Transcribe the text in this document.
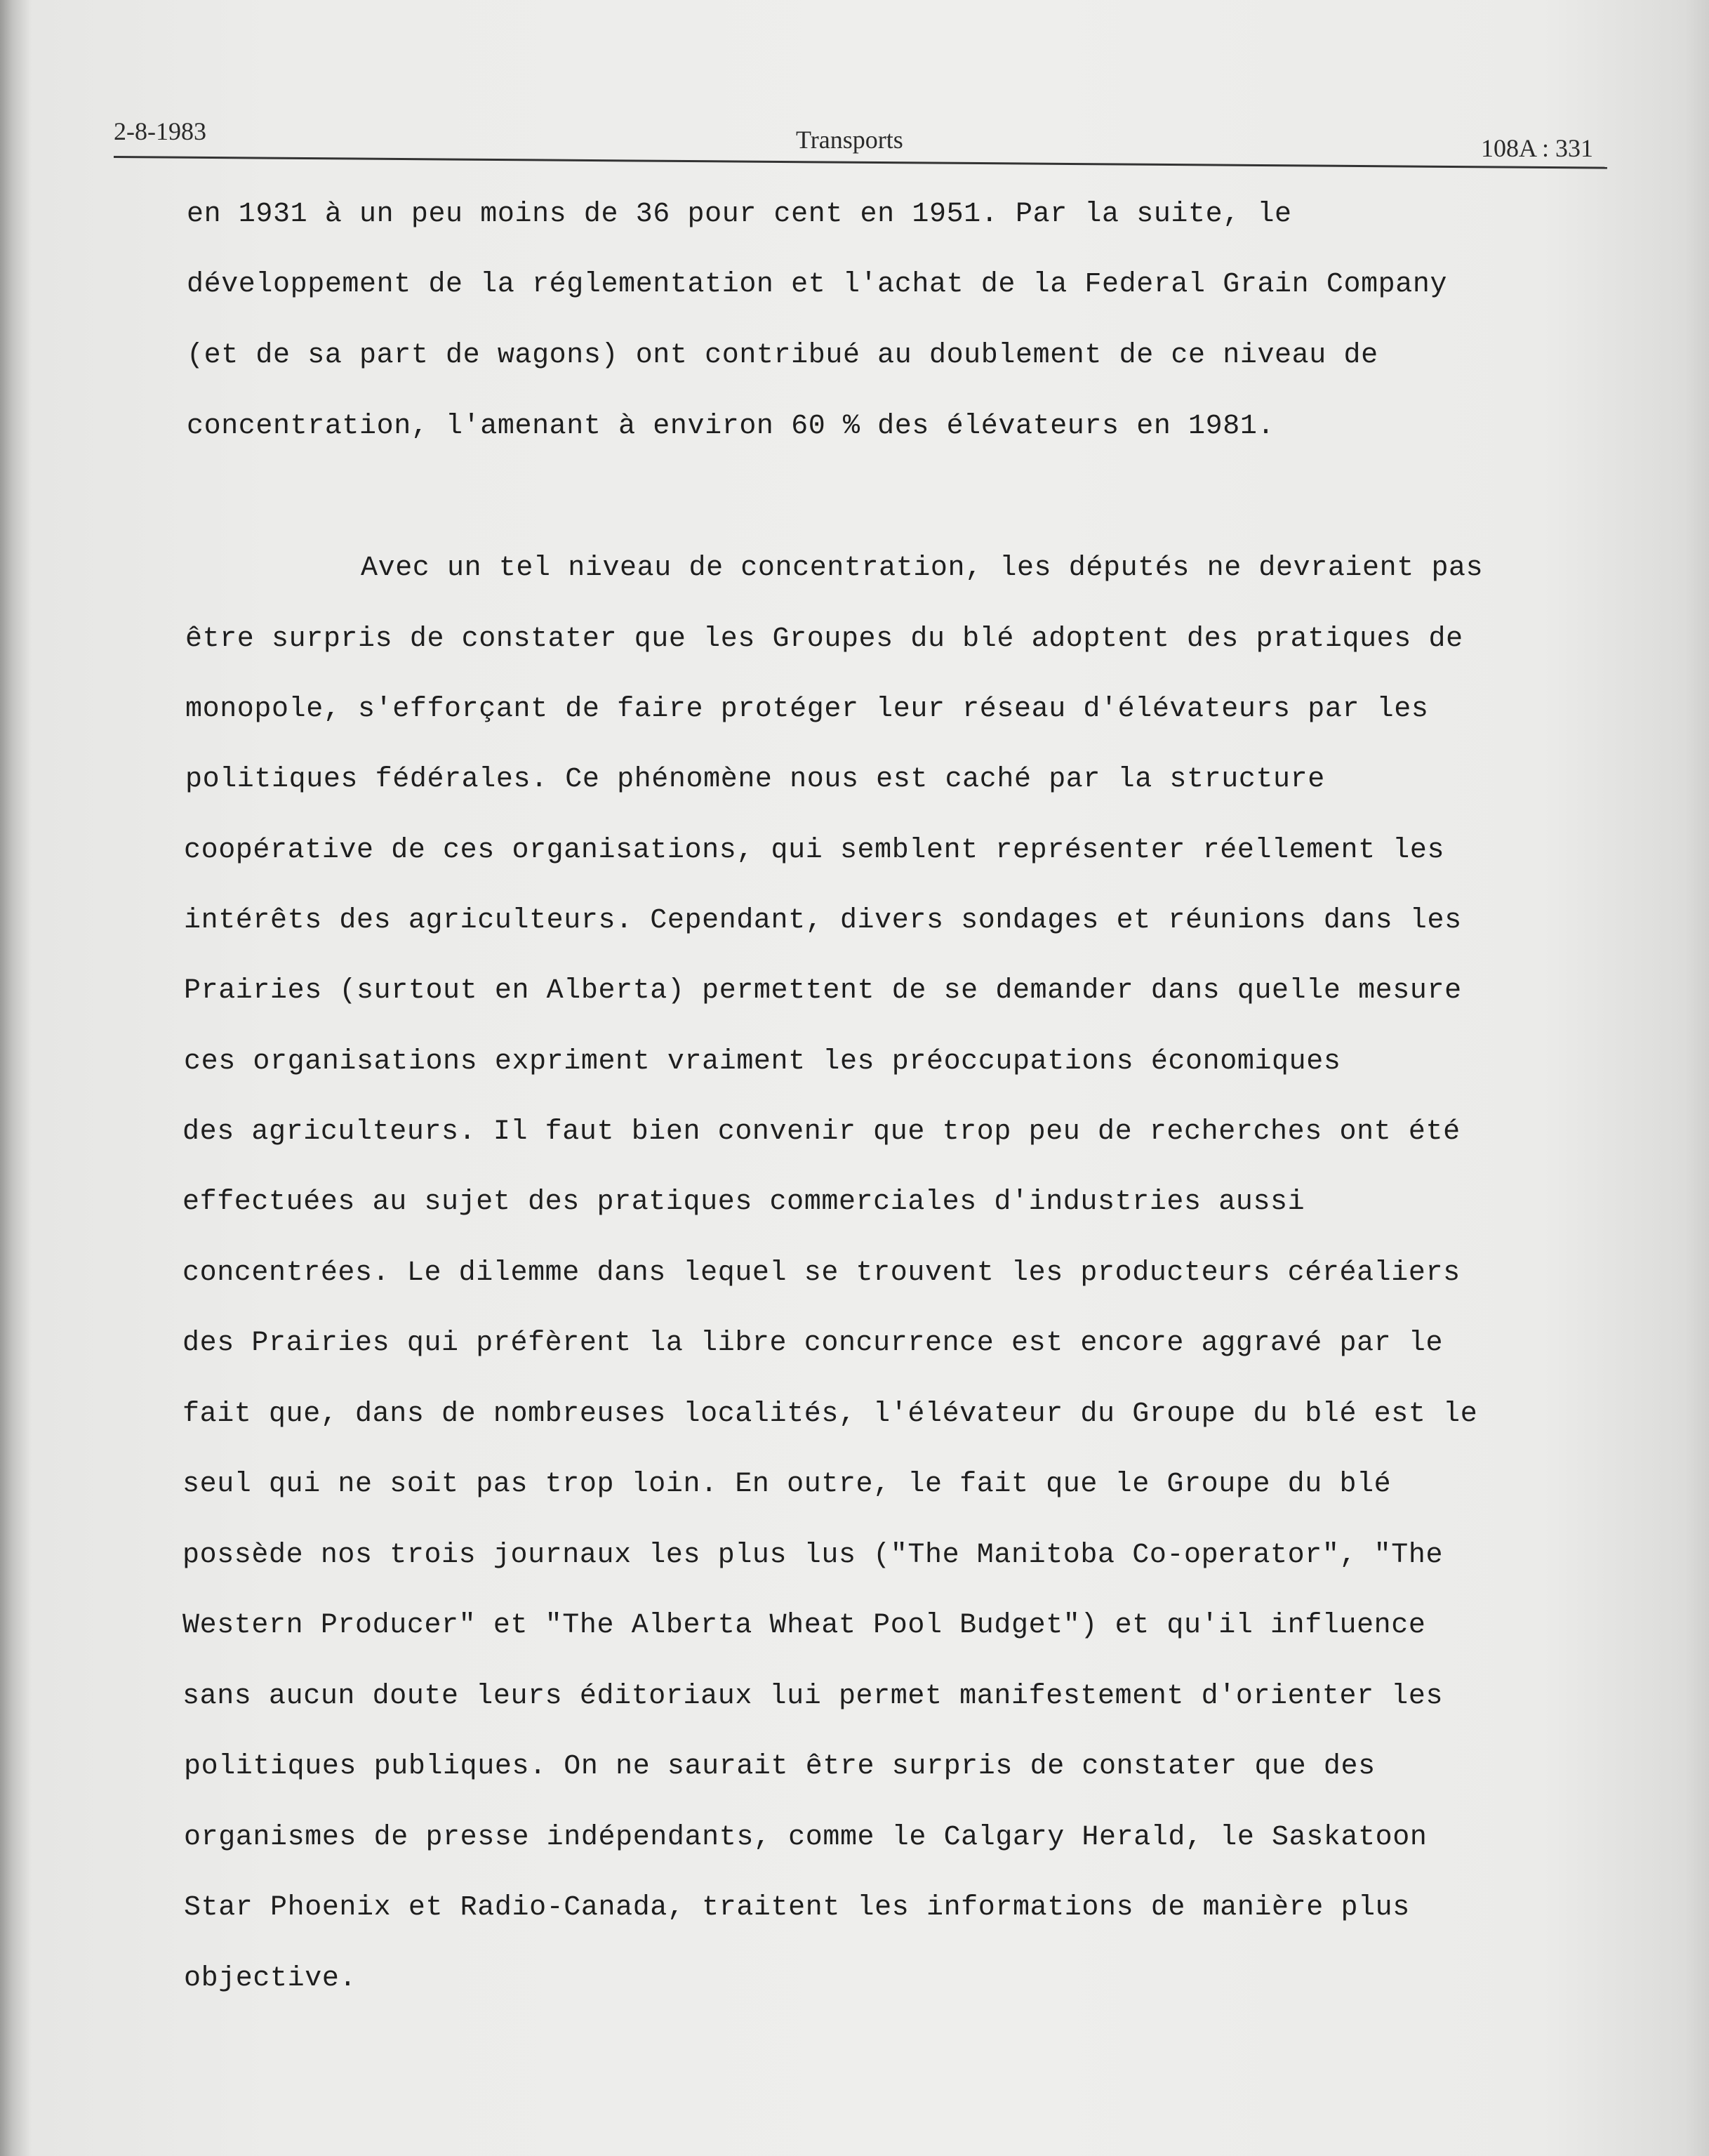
2-8-1983	Transports	108A : 331
en 1931 à un peu moins de 36 pour cent en 1951. Par la suite, le
développement de la réglementation et l'achat de la Federal Grain Company
(et de sa part de wagons) ont contribué au doublement de ce niveau de
concentration, l'amenant à environ 60 % des élévateurs en 1981.
Avec un tel niveau de concentration, les députés ne devraient pas
être surpris de constater que les Groupes du blé adoptent des pratiques de
monopole, s'efforçant de faire protéger leur réseau d'élévateurs par les
politiques fédérales. Ce phénomène nous est caché par la structure
coopérative de ces organisations, qui semblent représenter réellement les
intérêts des agriculteurs. Cependant, divers sondages et réunions dans les
Prairies (surtout en Alberta) permettent de se demander dans quelle mesure
ces organisations expriment vraiment les préoccupations économiques
des agriculteurs. Il faut bien convenir que trop peu de recherches ont été
effectuées au sujet des pratiques commerciales d'industries aussi
concentrées. Le dilemme dans lequel se trouvent les producteurs céréaliers
des Prairies qui préfèrent la libre concurrence est encore aggravé par le
fait que, dans de nombreuses localités, l'élévateur du Groupe du blé est le
seul qui ne soit pas trop loin. En outre, le fait que le Groupe du blé
possède nos trois journaux les plus lus ("The Manitoba Co-operator", "The
Western Producer" et "The Alberta Wheat Pool Budget") et qu'il influence
sans aucun doute leurs éditoriaux lui permet manifestement d'orienter les
politiques publiques. On ne saurait être surpris de constater que des
organismes de presse indépendants, comme le Calgary Herald, le Saskatoon
Star Phoenix et Radio-Canada, traitent les informations de manière plus
objective.
